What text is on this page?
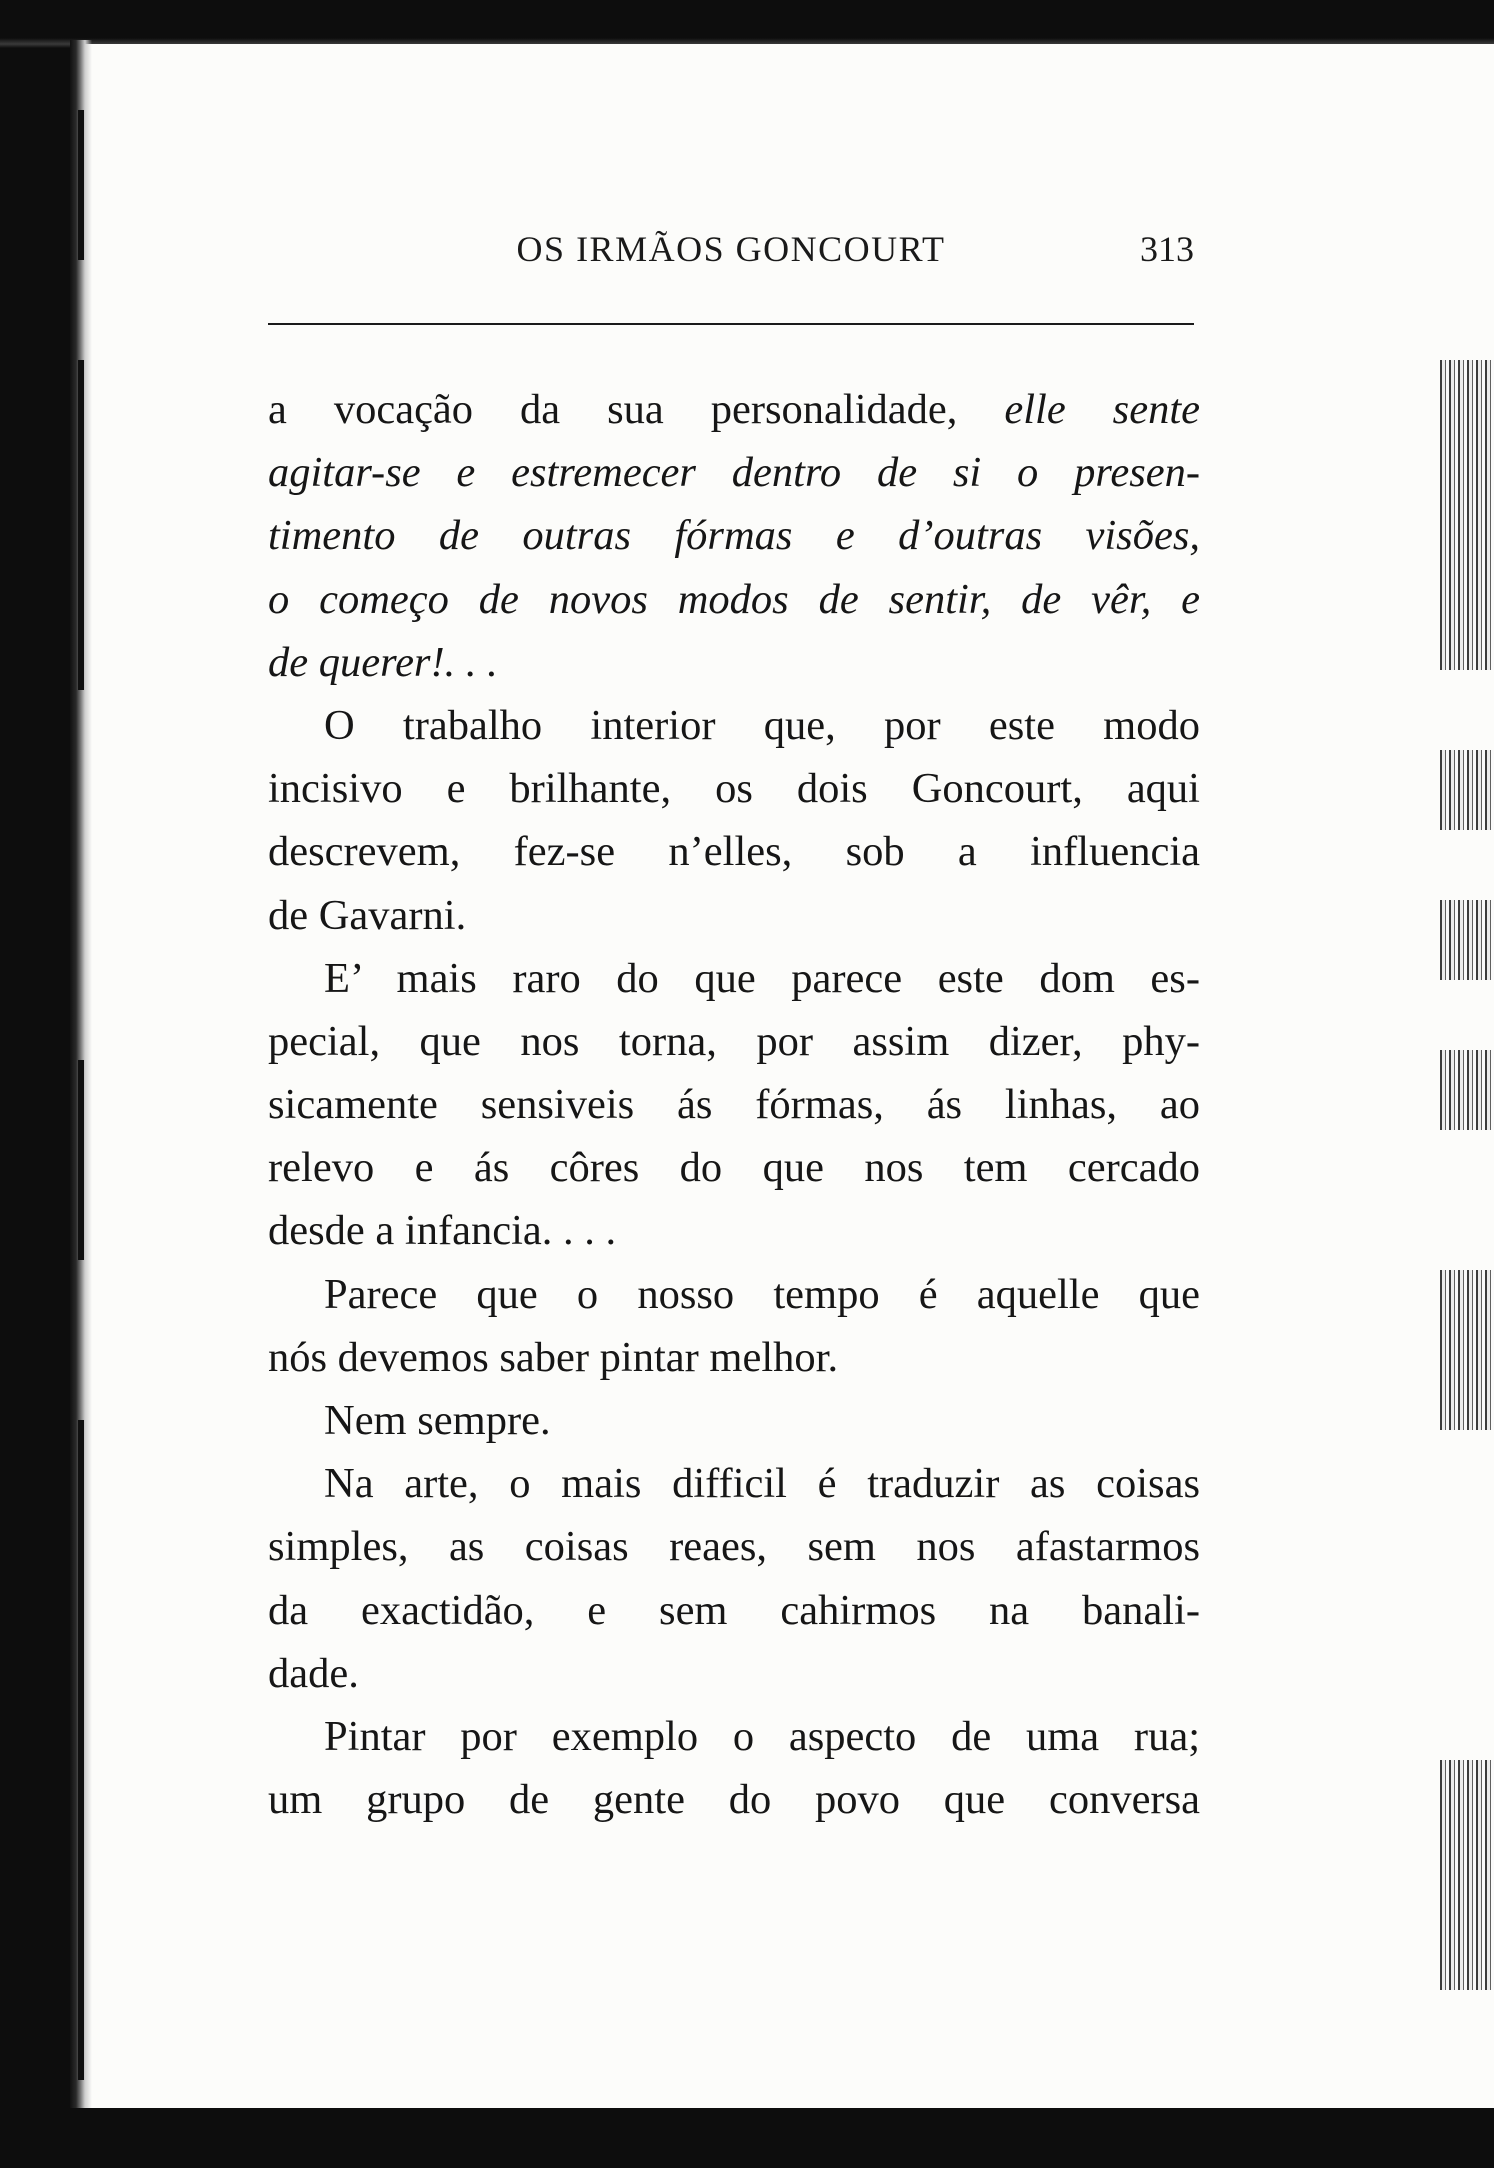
OS IRMÃOS GONCOURT	313
a vocação da sua personalidade, elle sente
agitar-se e estremecer dentro de si o presen-
timento de outras fórmas e d’outras visões,
o começo de novos modos de sentir, de vêr, e
de querer!. . .
O trabalho interior que, por este modo
incisivo e brilhante, os dois Goncourt, aqui
descrevem, fez-se n’elles, sob a influencia
de Gavarni.
E’ mais raro do que parece este dom es-
pecial, que nos torna, por assim dizer, phy-
sicamente sensiveis ás fórmas, ás linhas, ao
relevo e ás côres do que nos tem cercado
desde a infancia. . . .
Parece que o nosso tempo é aquelle que
nós devemos saber pintar melhor.
Nem sempre.
Na arte, o mais difficil é traduzir as coisas
simples, as coisas reaes, sem nos afastarmos
da exactidão, e sem cahirmos na banali-
dade.
Pintar por exemplo o aspecto de uma rua;
um grupo de gente do povo que conversa
